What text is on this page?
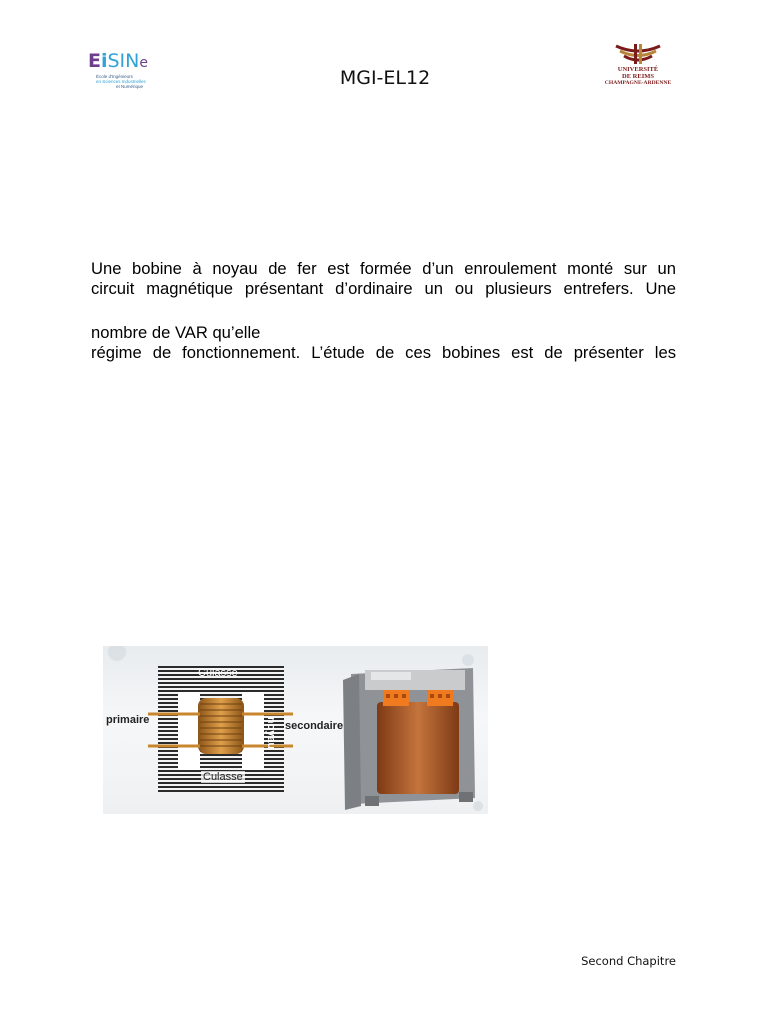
EiSINe
École d'Ingénieurs
en Sciences Industrielles
et Numérique	MGI-EL12	UNIVERSITÉ
DE REIMS
CHAMPAGNE-ARDENNE
Une bobine à noyau de fer est formée d’un enroulement monté sur un
circuit magnétique présentant d’ordinaire un ou plusieurs entrefers. Une
nombre de VAR qu’elle
régime de fonctionnement. L’étude de ces bobines est de présenter les
Culasse
Culasse
primaire	secondaire
noyau
Second Chapitre
